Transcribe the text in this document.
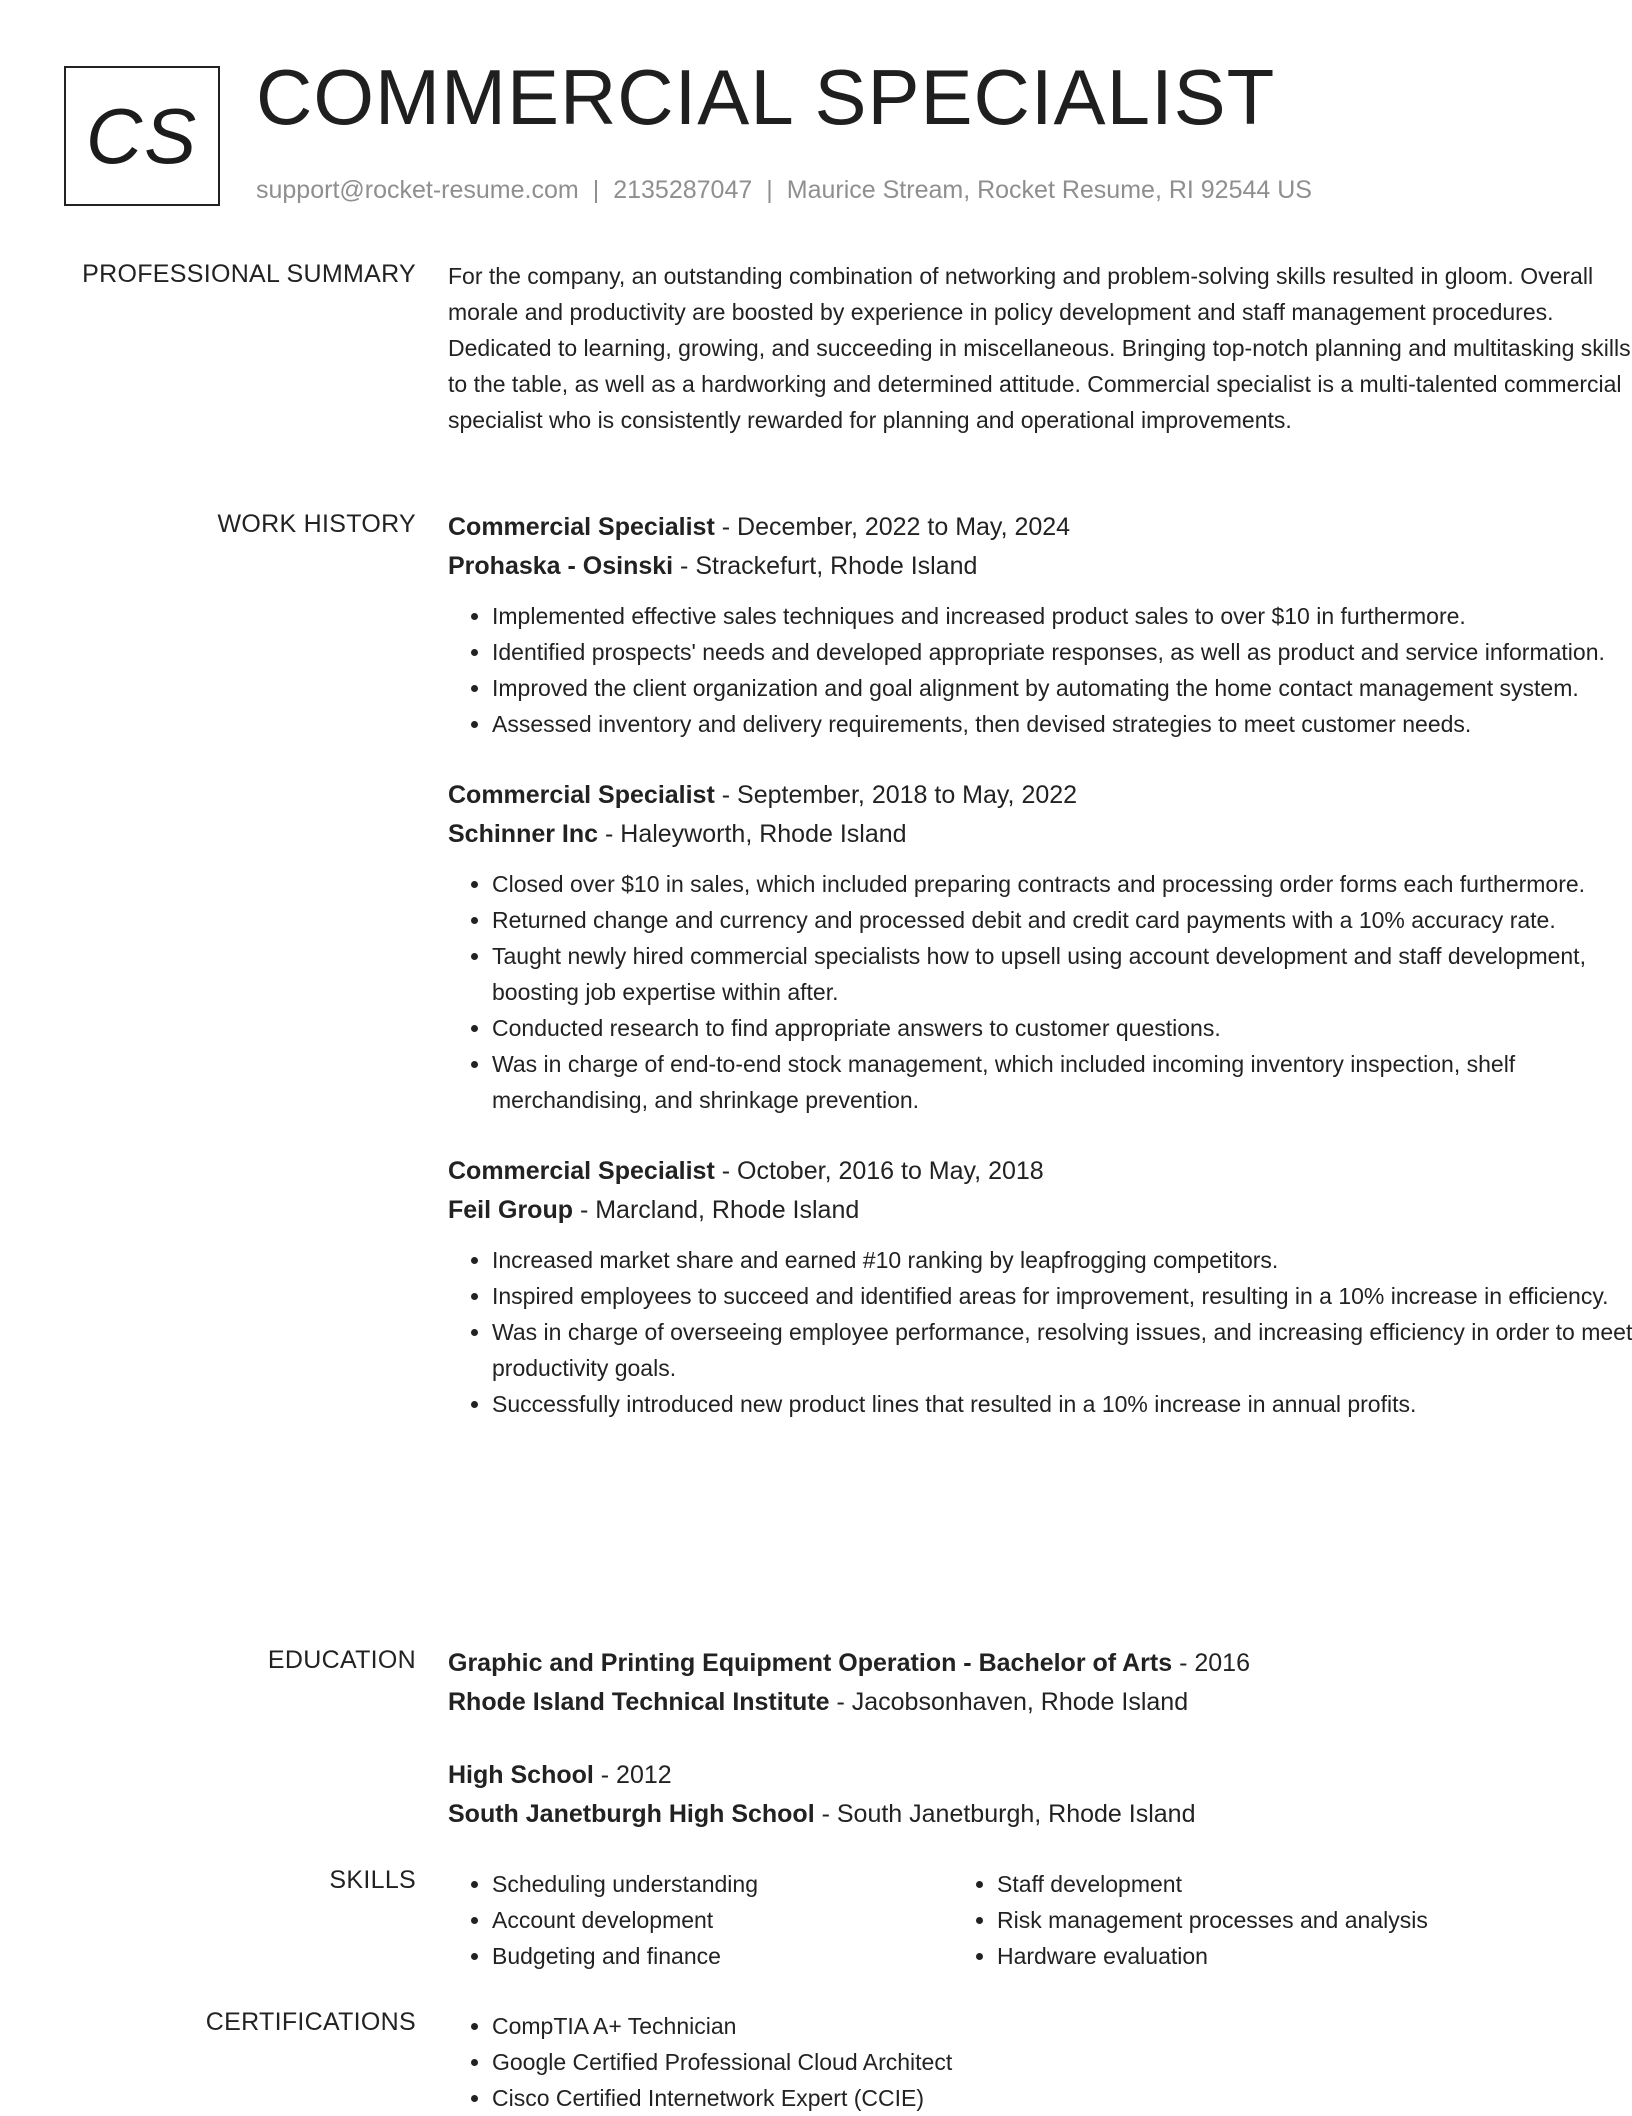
CS COMMERCIAL SPECIALIST
support@rocket-resume.com | 2135287047 | Maurice Stream, Rocket Resume, RI 92544 US
PROFESSIONAL SUMMARY For the company, an outstanding combination of networking and problem-solving skills resulted in gloom. Overall morale and productivity are boosted by experience in policy development and staff management procedures. Dedicated to learning, growing, and succeeding in miscellaneous. Bringing top-notch planning and multitasking skills to the table, as well as a hardworking and determined attitude. Commercial specialist is a multi-talented commercial specialist who is consistently rewarded for planning and operational improvements.
WORK HISTORY Commercial Specialist - December, 2022 to May, 2024
Prohaska - Osinski - Strackefurt, Rhode Island
• Implemented effective sales techniques and increased product sales to over $10 in furthermore.
• Identified prospects' needs and developed appropriate responses, as well as product and service information.
• Improved the client organization and goal alignment by automating the home contact management system.
• Assessed inventory and delivery requirements, then devised strategies to meet customer needs.
Commercial Specialist - September, 2018 to May, 2022
Schinner Inc - Haleyworth, Rhode Island
• Closed over $10 in sales, which included preparing contracts and processing order forms each furthermore.
• Returned change and currency and processed debit and credit card payments with a 10% accuracy rate.
• Taught newly hired commercial specialists how to upsell using account development and staff development, boosting job expertise within after.
• Conducted research to find appropriate answers to customer questions.
• Was in charge of end-to-end stock management, which included incoming inventory inspection, shelf merchandising, and shrinkage prevention.
Commercial Specialist - October, 2016 to May, 2018
Feil Group - Marcland, Rhode Island
• Increased market share and earned #10 ranking by leapfrogging competitors.
• Inspired employees to succeed and identified areas for improvement, resulting in a 10% increase in efficiency.
• Was in charge of overseeing employee performance, resolving issues, and increasing efficiency in order to meet productivity goals.
• Successfully introduced new product lines that resulted in a 10% increase in annual profits.
EDUCATION Graphic and Printing Equipment Operation - Bachelor of Arts - 2016
Rhode Island Technical Institute - Jacobsonhaven, Rhode Island
High School - 2012
South Janetburgh High School - South Janetburgh, Rhode Island
SKILLS	• Scheduling understanding
• Account development
• Budgeting and finance
• Staff development
• Risk management processes and analysis
• Hardware evaluation
CERTIFICATIONS	• CompTIA A+ Technician
• Google Certified Professional Cloud Architect
• Cisco Certified Internetwork Expert (CCIE)
